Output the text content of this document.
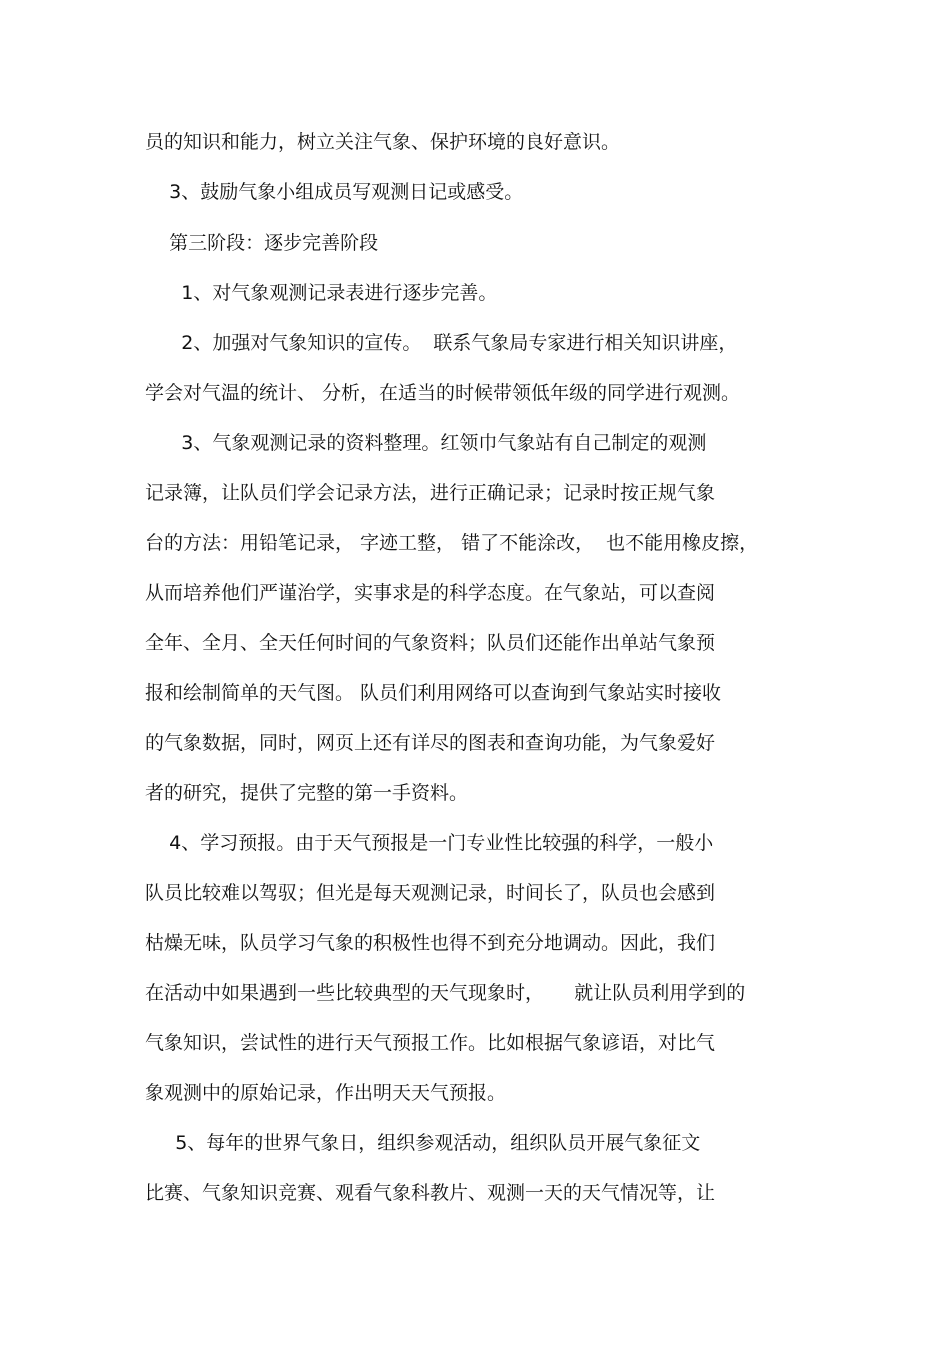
员的知识和能力，树立关注气象、保护环境的良好意识。
3、鼓励气象小组成员写观测日记或感受。
第三阶段：逐步完善阶段
1、对气象观测记录表进行逐步完善。
2、加强对气象知识的宣传。  联系气象局专家进行相关知识讲座，
学会对气温的统计、 分析，在适当的时候带领低年级的同学进行观测。
3、气象观测记录的资料整理。红领巾气象站有自己制定的观测
记录簿，让队员们学会记录方法，进行正确记录；记录时按正规气象
台的方法：用铅笔记录， 字迹工整， 错了不能涂改，  也不能用橡皮擦，
从而培养他们严谨治学，实事求是的科学态度。在气象站，可以查阅
全年、全月、全天任何时间的气象资料；队员们还能作出单站气象预
报和绘制简单的天气图。 队员们利用网络可以查询到气象站实时接收
的气象数据，同时，网页上还有详尽的图表和查询功能，为气象爱好
者的研究，提供了完整的第一手资料。
4、学习预报。由于天气预报是一门专业性比较强的科学，一般小
队员比较难以驾驭；但光是每天观测记录，时间长了，队员也会感到
枯燥无味，队员学习气象的积极性也得不到充分地调动。因此，我们
在活动中如果遇到一些比较典型的天气现象时，     就让队员利用学到的
气象知识，尝试性的进行天气预报工作。比如根据气象谚语，对比气
象观测中的原始记录，作出明天天气预报。
5、每年的世界气象日，组织参观活动，组织队员开展气象征文
比赛、气象知识竞赛、观看气象科教片、观测一天的天气情况等，让
